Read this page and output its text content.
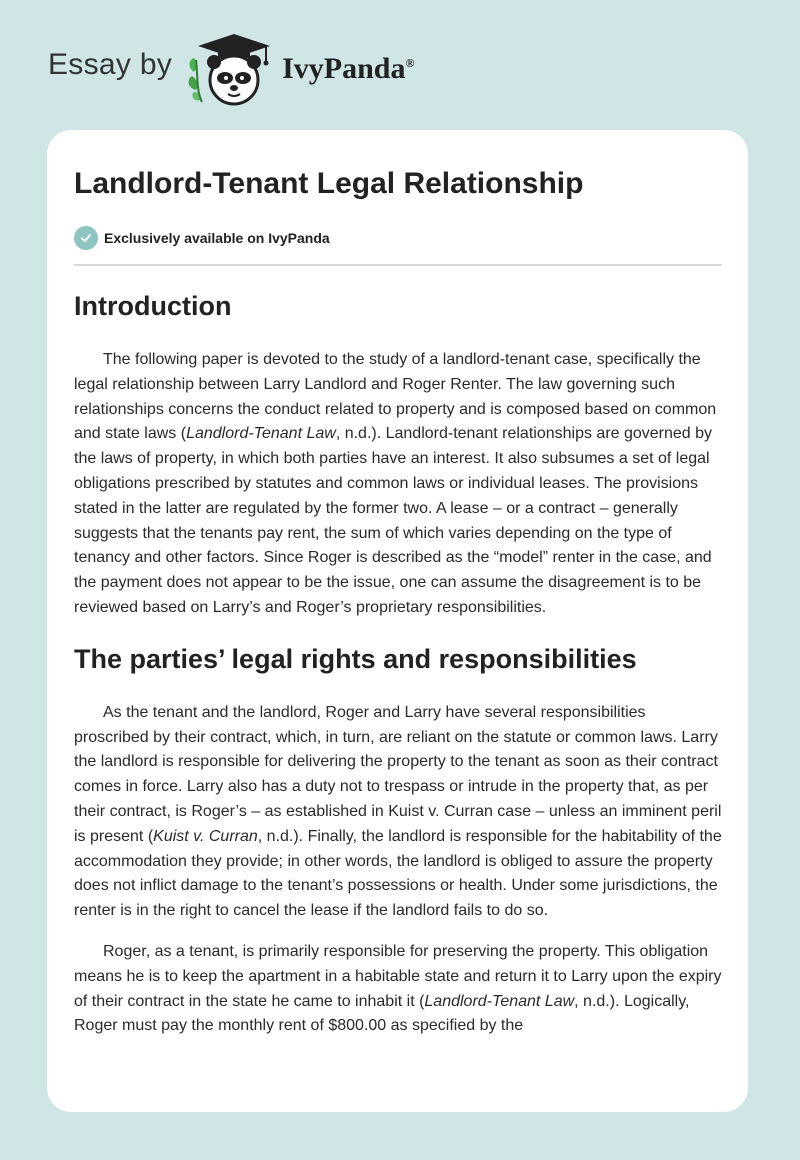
Essay by	IvyPanda®
Landlord-Tenant Legal Relationship
Exclusively available on IvyPanda
Introduction

The following paper is devoted to the study of a landlord-tenant case, specifically the legal relationship between Larry Landlord and Roger Renter. The law governing such relationships concerns the conduct related to property and is composed based on common and state laws (Landlord-Tenant Law, n.d.). Landlord-tenant relationships are governed by the laws of property, in which both parties have an interest. It also subsumes a set of legal obligations prescribed by statutes and common laws or individual leases. The provisions stated in the latter are regulated by the former two. A lease – or a contract – generally suggests that the tenants pay rent, the sum of which varies depending on the type of tenancy and other factors. Since Roger is described as the “model” renter in the case, and the payment does not appear to be the issue, one can assume the disagreement is to be reviewed based on Larry’s and Roger’s proprietary responsibilities.

The parties’ legal rights and responsibilities

As the tenant and the landlord, Roger and Larry have several responsibilities proscribed by their contract, which, in turn, are reliant on the statute or common laws. Larry the landlord is responsible for delivering the property to the tenant as soon as their contract comes in force. Larry also has a duty not to trespass or intrude in the property that, as per their contract, is Roger’s – as established in Kuist v. Curran case – unless an imminent peril is present (Kuist v. Curran, n.d.). Finally, the landlord is responsible for the habitability of the accommodation they provide; in other words, the landlord is obliged to assure the property does not inflict damage to the tenant’s possessions or health. Under some jurisdictions, the renter is in the right to cancel the lease if the landlord fails to do so.

Roger, as a tenant, is primarily responsible for preserving the property. This obligation means he is to keep the apartment in a habitable state and return it to Larry upon the expiry of their contract in the state he came to inhabit it (Landlord-Tenant Law, n.d.). Logically, Roger must pay the monthly rent of $800.00 as specified by the
